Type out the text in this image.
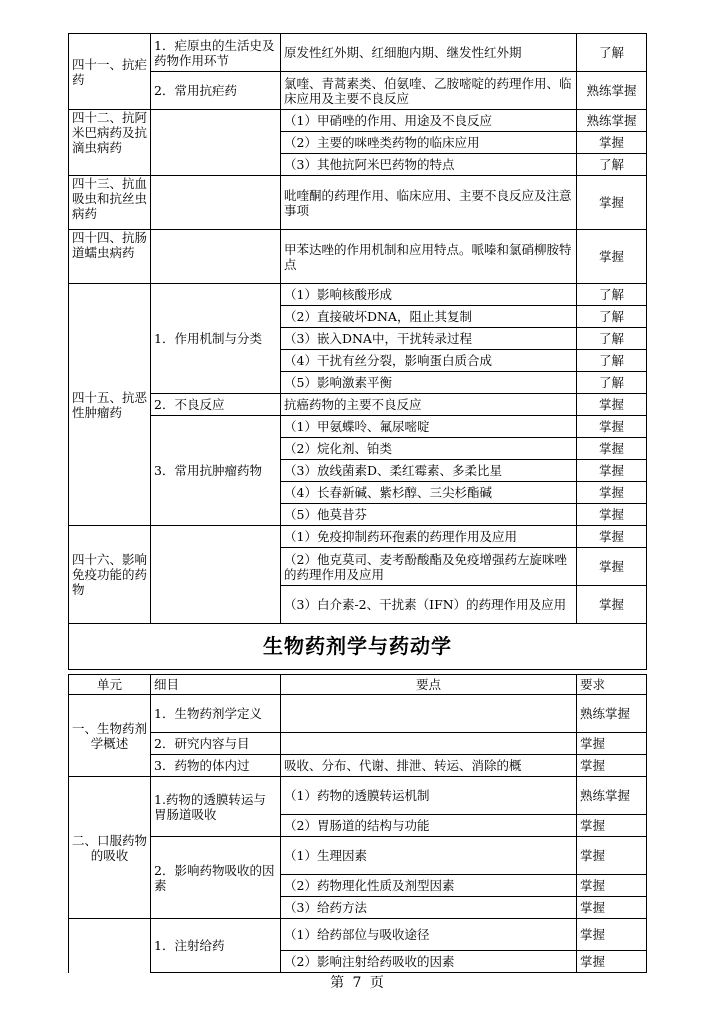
四十一、抗疟药	1．疟原虫的生活史及药物作用环节	原发性红外期、红细胞内期、继发性红外期	了解
	2．常用抗疟药	氯喹、青蒿素类、伯氨喹、乙胺嘧啶的药理作用、临床应用及主要不良反应	熟练掌握
四十二、抗阿米巴病药及抗滴虫病药		（1）甲硝唑的作用、用途及不良反应	熟练掌握
		（2）主要的咪唑类药物的临床应用	掌握
		（3）其他抗阿米巴药物的特点	了解
四十三、抗血吸虫和抗丝虫病药		吡喹酮的药理作用、临床应用、主要不良反应及注意事项	掌握
四十四、抗肠道蠕虫病药		甲苯达唑的作用机制和应用特点。哌嗪和氯硝柳胺特点	掌握
四十五、抗恶性肿瘤药	1．作用机制与分类	（1）影响核酸形成	了解
		（2）直接破坏DNA，阻止其复制	了解
		（3）嵌入DNA中，干扰转录过程	了解
		（4）干扰有丝分裂，影响蛋白质合成	了解
		（5）影响激素平衡	了解
	2．不良反应	抗癌药物的主要不良反应	掌握
	3．常用抗肿瘤药物	（1）甲氨蝶呤、氟尿嘧啶	掌握
		（2）烷化剂、铂类	掌握
		（3）放线菌素D、柔红霉素、多柔比星	掌握
		（4）长春新碱、紫杉醇、三尖杉酯碱	掌握
		（5）他莫昔芬	掌握
四十六、影响免疫功能的药物		（1）免疫抑制药环孢素的药理作用及应用	掌握
		（2）他克莫司、麦考酚酸酯及免疫增强药左旋咪唑的药理作用及应用	掌握
		（3）白介素-2、干扰素（IFN）的药理作用及应用	掌握
生物药剂学与药动学			
单元	细目	要点	要求
一、生物药剂学概述	1．生物药剂学定义		熟练掌握
	2．研究内容与目		掌握
	3．药物的体内过	吸收、分布、代谢、排泄、转运、消除的概	掌握
二、口服药物的吸收	1.药物的透膜转运与胃肠道吸收	（1）药物的透膜转运机制	熟练掌握
		（2）胃肠道的结构与功能	掌握
	2．影响药物吸收的因素	（1）生理因素	掌握
		（2）药物理化性质及剂型因素	掌握
		（3）给药方法	掌握
	1．注射给药	（1）给药部位与吸收途径	掌握
		（2）影响注射给药吸收的因素	掌握
第 7 页
